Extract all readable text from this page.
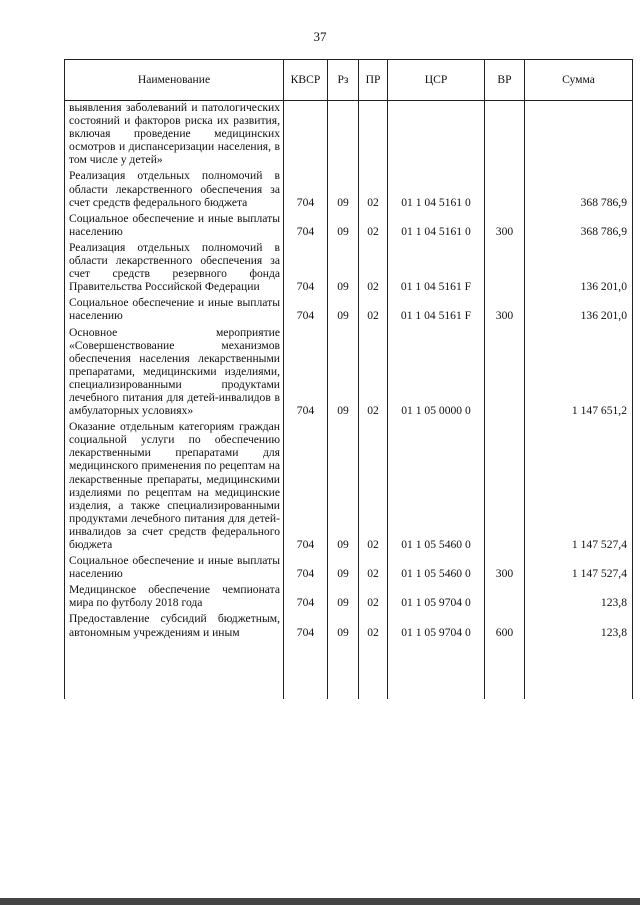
37
Наименование	КВСР	Рз	ПР	ЦСР	ВР	Сумма
выявления заболеваний и патологических состояний и факторов риска их развития, включая проведение медицинских осмотров и диспансеризации населения, в том числе у детей»						
Реализация отдельных полномочий в области лекарственного обеспечения за счет средств федерального бюджета	704	09	02	01 1 04 5161 0		368 786,9
Социальное обеспечение и иные выплаты населению	704	09	02	01 1 04 5161 0	300	368 786,9
Реализация отдельных полномочий в области лекарственного обеспечения за счет средств резервного фонда Правительства Российской Федерации	704	09	02	01 1 04 5161 F		136 201,0
Социальное обеспечение и иные выплаты населению	704	09	02	01 1 04 5161 F	300	136 201,0
Основное мероприятие «Совершенствование механизмов обеспечения населения лекарственными препаратами, медицинскими изделиями, специализированными продуктами лечебного питания для детей-инвалидов в амбулаторных условиях»	704	09	02	01 1 05 0000 0		1 147 651,2
Оказание отдельным категориям граждан социальной услуги по обеспечению лекарственными препаратами для медицинского применения по рецептам на лекарственные препараты, медицинскими изделиями по рецептам на медицинские изделия, а также специализированными продуктами лечебного питания для детей-инвалидов за счет средств федерального бюджета	704	09	02	01 1 05 5460 0		1 147 527,4
Социальное обеспечение и иные выплаты населению	704	09	02	01 1 05 5460 0	300	1 147 527,4
Медицинское обеспечение чемпионата мира по футболу 2018 года	704	09	02	01 1 05 9704 0		123,8
Предоставление субсидий бюджетным, автономным учреждениям и иным	704	09	02	01 1 05 9704 0	600	123,8
